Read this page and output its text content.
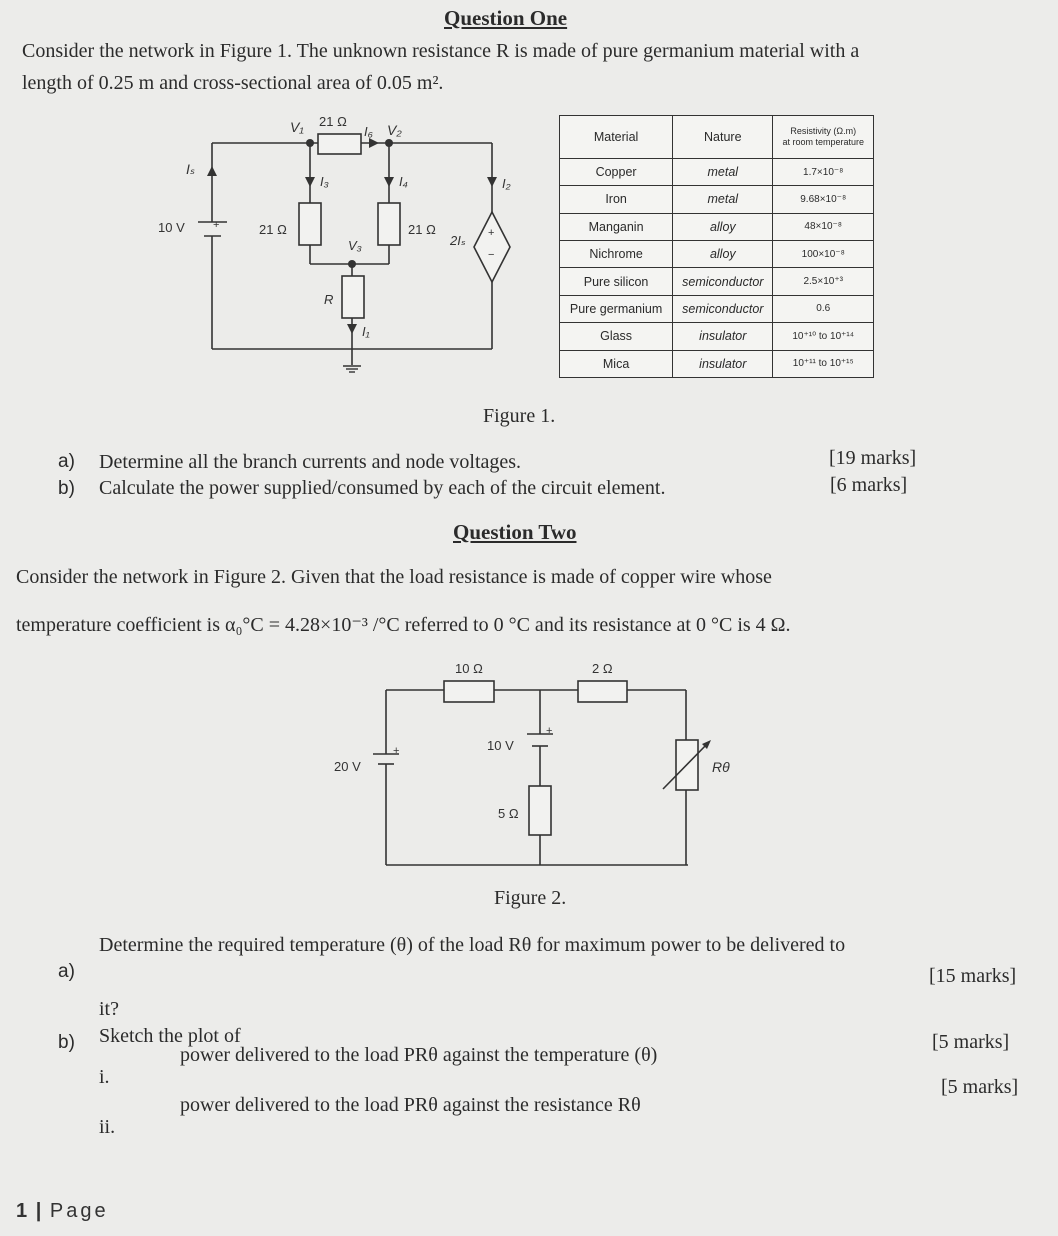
Question One
Consider the network in Figure 1. The unknown resistance R is made of pure germanium material with a
length of 0.25 m and cross-sectional area of 0.05 m².
V₁ 21 Ω
I₆ V₂
Iₛ
I₃	I₄	I₂
10 V	+	21 Ω	21 Ω
2Iₛ +
−
V₃
R
I₁
Material	Nature	Resistivity (Ω.m)
at room temperature
Copper	metal	1.7×10⁻⁸
Iron	metal	9.68×10⁻⁸
Manganin	alloy	48×10⁻⁸
Nichrome	alloy	100×10⁻⁸
Pure silicon	semiconductor	2.5×10⁺³
Pure germanium	semiconductor	0.6
Glass	insulator	10⁺¹⁰ to 10⁺¹⁴
Mica	insulator	10⁺¹¹ to 10⁺¹⁵
Figure 1.
a) Determine all the branch currents and node voltages.	[19 marks]
b) Calculate the power supplied/consumed by each of the circuit element.	[6 marks]
Question Two
Consider the network in Figure 2. Given that the load resistance is made of copper wire whose
temperature coefficient is α₀°C = 4.28×10⁻³ /°C referred to 0 °C and its resistance at 0 °C is 4 Ω.
10 Ω	2 Ω
20 V
+	10 V
+
5 Ω
Rθ
Figure 2.
a)
Determine the required temperature (θ) of the load Rθ for maximum power to be delivered to
[15 marks]
it?
b) Sketch the plot of
i.
power delivered to the load PRθ against the temperature (θ)
[5 marks]
ii.
power delivered to the load PRθ against the resistance Rθ
[5 marks]
1 | Page
